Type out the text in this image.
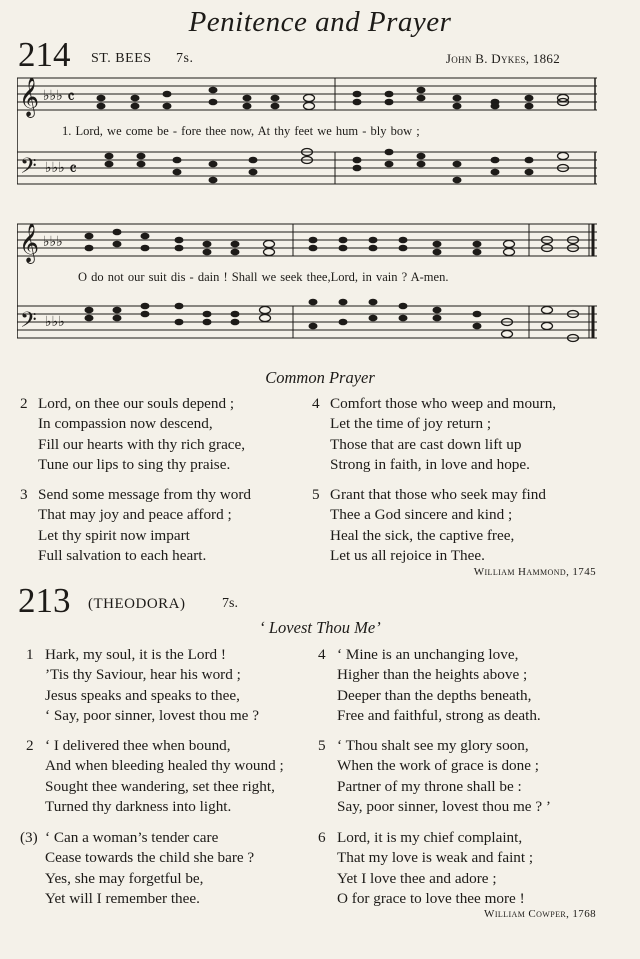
Penitence and Prayer
214 ST. BEES 7s.	John B. Dykes, 1862
𝄞
𝄢
♭♭♭
♭♭♭
𝄴
𝄴
1. Lord, we come be - fore thee now, At thy feet we hum - bly bow ;
𝄞
𝄢
♭♭♭
♭♭♭
O do not our suit dis - dain ! Shall we seek thee,Lord, in vain ? A-men.
Common Prayer
2 Lord, on thee our souls depend ;
In compassion now descend,
Fill our hearts with thy rich grace,
Tune our lips to sing thy praise.
3 Send some message from thy word
That may joy and peace afford ;
Let thy spirit now impart
Full salvation to each heart.
4 Comfort those who weep and mourn,
Let the time of joy return ;
Those that are cast down lift up
Strong in faith, in love and hope.
5 Grant that those who seek may find
Thee a God sincere and kind ;
Heal the sick, the captive free,
Let us all rejoice in Thee.
William Hammond, 1745
213 (THEODORA)	7s.
‘ Lovest Thou Me’
1 Hark, my soul, it is the Lord !
’Tis thy Saviour, hear his word ;
Jesus speaks and speaks to thee,
‘ Say, poor sinner, lovest thou me ?
2 ‘ I delivered thee when bound,
And when bleeding healed thy wound ;
Sought thee wandering, set thee right,
Turned thy darkness into light.
(3) ‘ Can a woman’s tender care
Cease towards the child she bare ?
Yes, she may forgetful be,
Yet will I remember thee.
4 ‘ Mine is an unchanging love,
Higher than the heights above ;
Deeper than the depths beneath,
Free and faithful, strong as death.
5 ‘ Thou shalt see my glory soon,
When the work of grace is done ;
Partner of my throne shall be :
Say, poor sinner, lovest thou me ? ’
6 Lord, it is my chief complaint,
That my love is weak and faint ;
Yet I love thee and adore ;
O for grace to love thee more !
William Cowper, 1768
